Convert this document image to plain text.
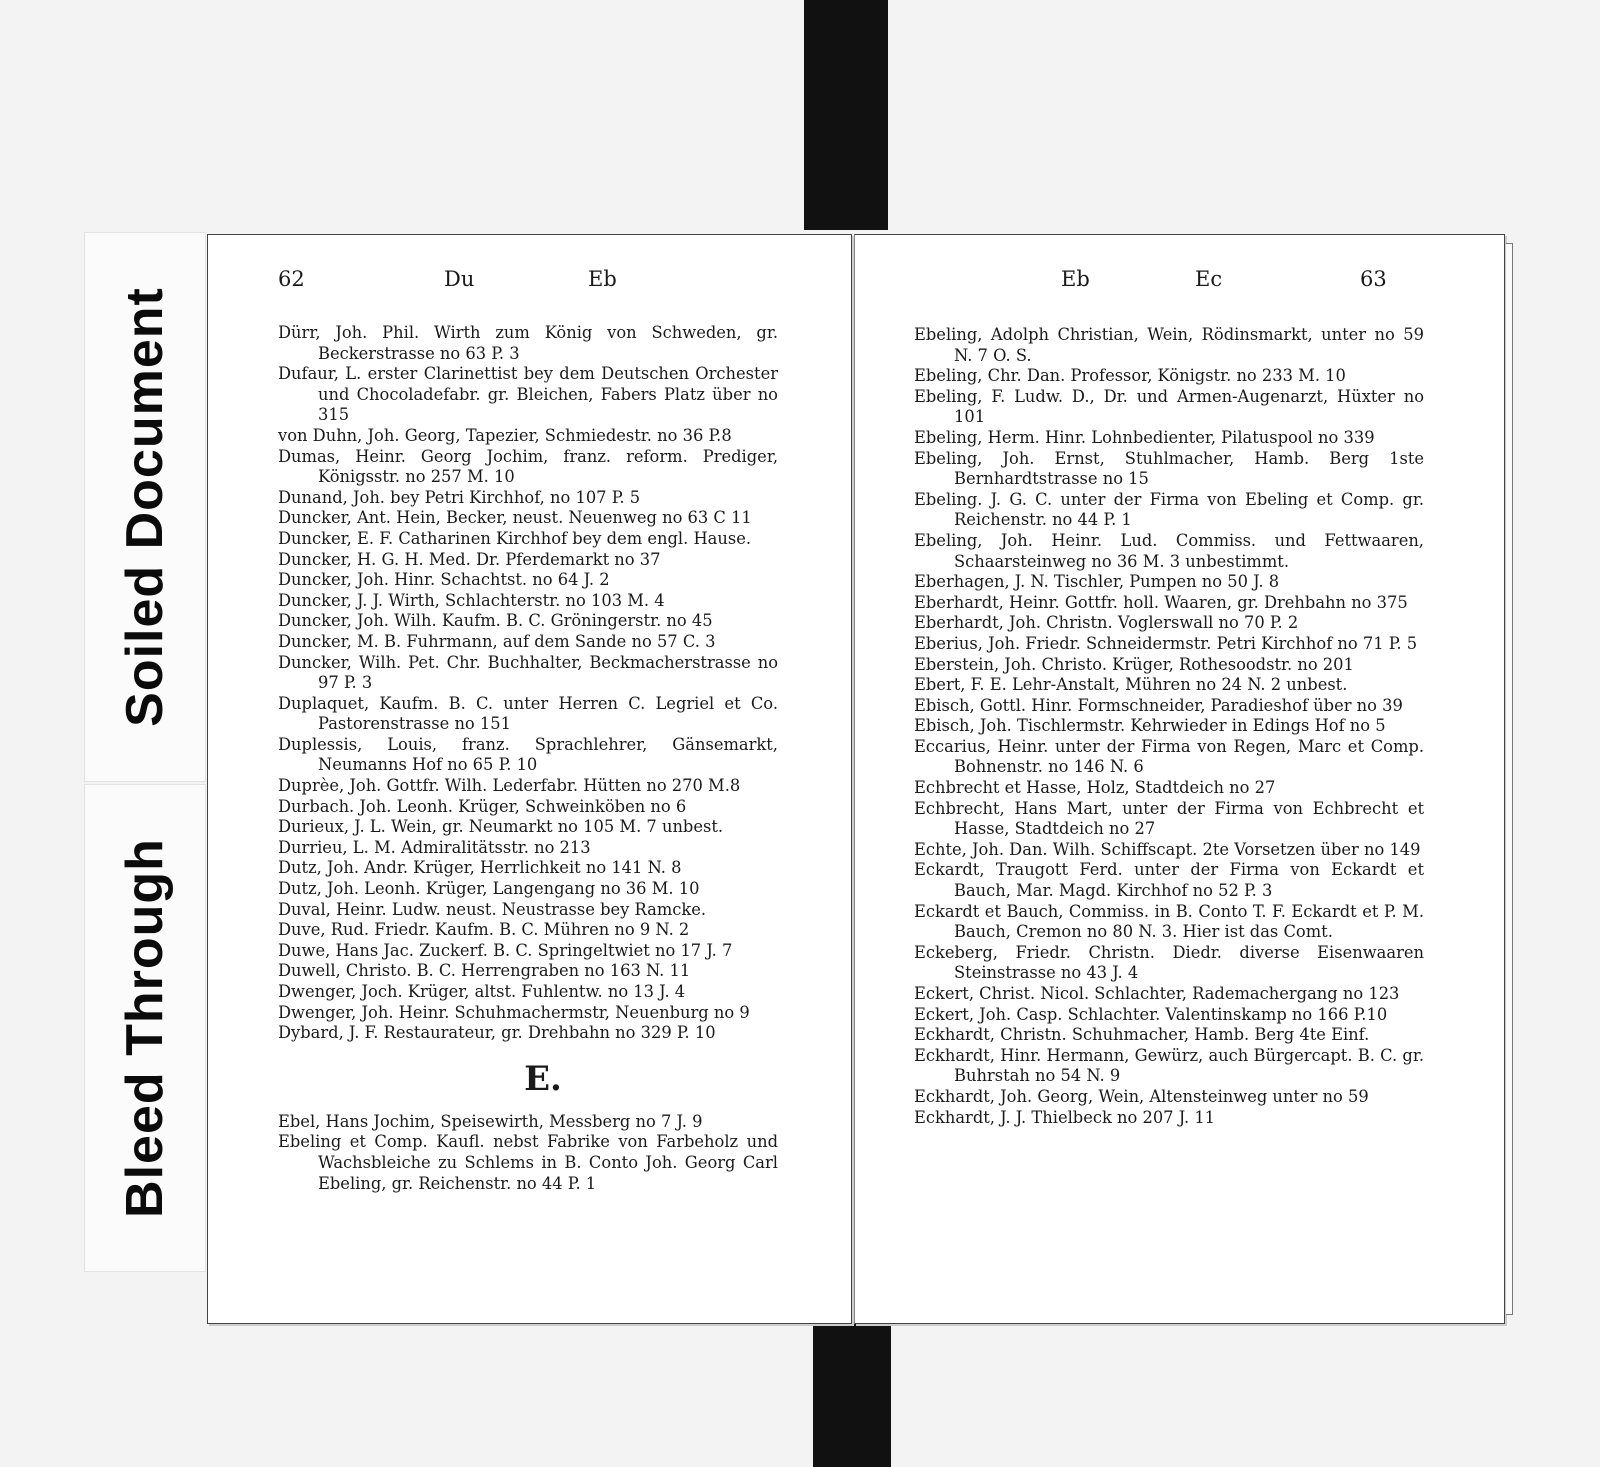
Soiled Document
Bleed Through
62	Du	Eb
Dürr, Joh. Phil. Wirth zum König von Schweden, gr. Beckerstrasse no 63 P. 3
Dufaur, L. erster Clarinettist bey dem Deutschen Orchester und Chocoladefabr. gr. Bleichen, Fabers Platz über no 315
von Duhn, Joh. Georg, Tapezier, Schmiedestr. no 36 P.8
Dumas, Heinr. Georg Jochim, franz. reform. Prediger, Königsstr. no 257 M. 10
Dunand, Joh. bey Petri Kirchhof, no 107 P. 5
Duncker, Ant. Hein, Becker, neust. Neuenweg no 63 C 11
Duncker, E. F. Catharinen Kirchhof bey dem engl. Hause.
Duncker, H. G. H. Med. Dr. Pferdemarkt no 37
Duncker, Joh. Hinr. Schachtst. no 64 J. 2
Duncker, J. J. Wirth, Schlachterstr. no 103 M. 4
Duncker, Joh. Wilh. Kaufm. B. C. Gröningerstr. no 45
Duncker, M. B. Fuhrmann, auf dem Sande no 57 C. 3
Duncker, Wilh. Pet. Chr. Buchhalter, Beckmacherstrasse no 97 P. 3
Duplaquet, Kaufm. B. C. unter Herren C. Legriel et Co. Pastorenstrasse no 151
Duplessis, Louis, franz. Sprachlehrer, Gänsemarkt, Neumanns Hof no 65 P. 10
Duprèe, Joh. Gottfr. Wilh. Lederfabr. Hütten no 270 M.8
Durbach. Joh. Leonh. Krüger, Schweinköben no 6
Durieux, J. L. Wein, gr. Neumarkt no 105 M. 7 unbest.
Durrieu, L. M. Admiralitätsstr. no 213
Dutz, Joh. Andr. Krüger, Herrlichkeit no 141 N. 8
Dutz, Joh. Leonh. Krüger, Langengang no 36 M. 10
Duval, Heinr. Ludw. neust. Neustrasse bey Ramcke.
Duve, Rud. Friedr. Kaufm. B. C. Mühren no 9 N. 2
Duwe, Hans Jac. Zuckerf. B. C. Springeltwiet no 17 J. 7
Duwell, Christo. B. C. Herrengraben no 163 N. 11
Dwenger, Joch. Krüger, altst. Fuhlentw. no 13 J. 4
Dwenger, Joh. Heinr. Schuhmachermstr, Neuenburg no 9
Dybard, J. F. Restaurateur, gr. Drehbahn no 329 P. 10
E.
Ebel, Hans Jochim, Speisewirth, Messberg no 7 J. 9
Ebeling et Comp. Kaufl. nebst Fabrike von Farbeholz und Wachsbleiche zu Schlems in B. Conto Joh. Georg Carl Ebeling, gr. Reichenstr. no 44 P. 1
Eb	Ec	63
Ebeling, Adolph Christian, Wein, Rödinsmarkt, unter no 59 N. 7 O. S.
Ebeling, Chr. Dan. Professor, Königstr. no 233 M. 10
Ebeling, F. Ludw. D., Dr. und Armen-Augenarzt, Hüxter no 101
Ebeling, Herm. Hinr. Lohnbedienter, Pilatuspool no 339
Ebeling, Joh. Ernst, Stuhlmacher, Hamb. Berg 1ste Bernhardtstrasse no 15
Ebeling. J. G. C. unter der Firma von Ebeling et Comp. gr. Reichenstr. no 44 P. 1
Ebeling, Joh. Heinr. Lud. Commiss. und Fettwaaren, Schaarsteinweg no 36 M. 3 unbestimmt.
Eberhagen, J. N. Tischler, Pumpen no 50 J. 8
Eberhardt, Heinr. Gottfr. holl. Waaren, gr. Drehbahn no 375
Eberhardt, Joh. Christn. Voglerswall no 70 P. 2
Eberius, Joh. Friedr. Schneidermstr. Petri Kirchhof no 71 P. 5
Eberstein, Joh. Christo. Krüger, Rothesoodstr. no 201
Ebert, F. E. Lehr-Anstalt, Mühren no 24 N. 2 unbest.
Ebisch, Gottl. Hinr. Formschneider, Paradieshof über no 39
Ebisch, Joh. Tischlermstr. Kehrwieder in Edings Hof no 5
Eccarius, Heinr. unter der Firma von Regen, Marc et Comp. Bohnenstr. no 146 N. 6
Echbrecht et Hasse, Holz, Stadtdeich no 27
Echbrecht, Hans Mart, unter der Firma von Echbrecht et Hasse, Stadtdeich no 27
Echte, Joh. Dan. Wilh. Schiffscapt. 2te Vorsetzen über no 149
Eckardt, Traugott Ferd. unter der Firma von Eckardt et Bauch, Mar. Magd. Kirchhof no 52 P. 3
Eckardt et Bauch, Commiss. in B. Conto T. F. Eckardt et P. M. Bauch, Cremon no 80 N. 3. Hier ist das Comt.
Eckeberg, Friedr. Christn. Diedr. diverse Eisenwaaren Steinstrasse no 43 J. 4
Eckert, Christ. Nicol. Schlachter, Rademachergang no 123
Eckert, Joh. Casp. Schlachter. Valentinskamp no 166 P.10
Eckhardt, Christn. Schuhmacher, Hamb. Berg 4te Einf.
Eckhardt, Hinr. Hermann, Gewürz, auch Bürgercapt. B. C. gr. Buhrstah no 54 N. 9
Eckhardt, Joh. Georg, Wein, Altensteinweg unter no 59
Eckhardt, J. J. Thielbeck no 207 J. 11
